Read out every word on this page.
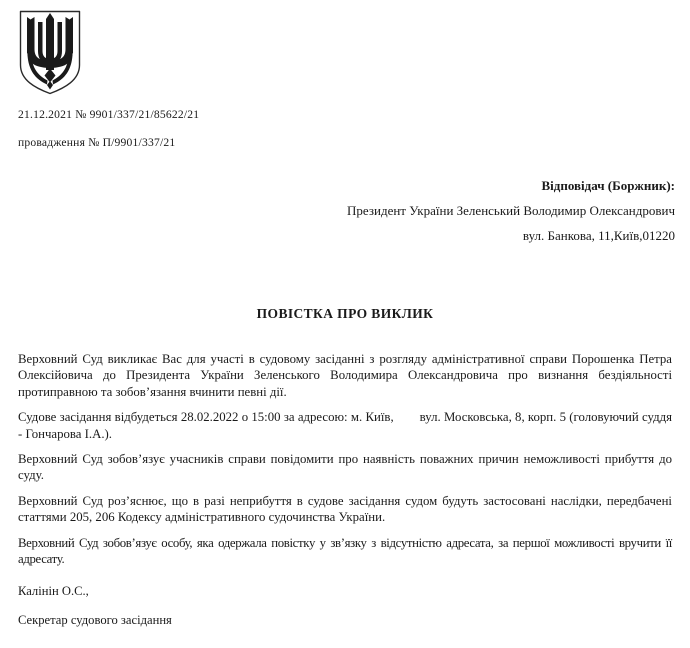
21.12.2021 № 9901/337/21/85622/21
провадження № П/9901/337/21
Відповідач (Боржник):
Президент України Зеленський Володимир Олександрович
вул. Банкова, 11,Київ,01220
ПОВІСТКА ПРО ВИКЛИК

Верховний Суд викликає Вас для участі в судовому засіданні з розгляду адміністративної справи Порошенка Петра Олексійовича до Президента України Зеленського Володимира Олександровича про визнання бездіяльності протиправною та зобов’язання вчинити певні дії.

Судове засідання відбудеться 28.02.2022 о 15:00 за адресою: м. Київ, вул. Московська, 8, корп. 5 (головуючий суддя - Гончарова І.А.).

Верховний Суд зобов’язує учасників справи повідомити про наявність поважних причин неможливості прибуття до суду.

Верховний Суд роз’яснює, що в разі неприбуття в судове засідання судом будуть застосовані наслідки, передбачені статтями 205, 206 Кодексу адміністративного судочинства України.

Верховний Суд зобов’язує особу, яка одержала повістку у зв’язку з відсутністю адресата, за першої можливості вручити її адресату.

Калінін О.С.,
Секретар судового засідання
